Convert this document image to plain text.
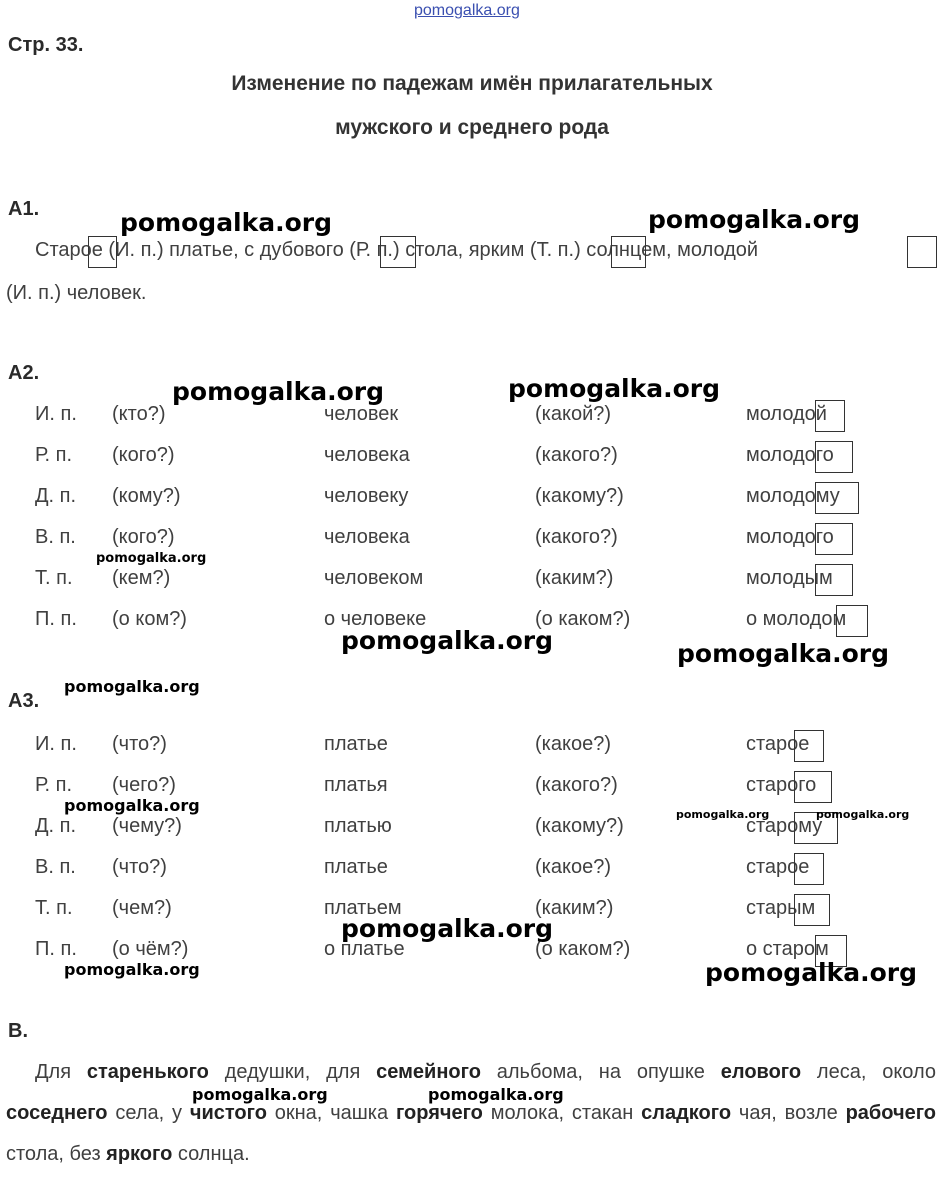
pomogalka.org
Стр. 33.
Изменение по падежам имён прилагательных
мужского и среднего рода
А1.
Старое (И. п.) платье, с дубового (Р. п.) стола, ярким (Т. п.) солнцем, молодой
(И. п.) человек.
А2.
И. п. (кто?)	человек	(какой?)	молодой
Р. п. (кого?)	человека	(какого?)	молодого
Д. п. (кому?)	человеку	(какому?)	молодому
В. п. (кого?)	человека	(какого?)	молодого
Т. п. (кем?)	человеком	(каким?)	молодым
П. п. (о ком?)	о человеке	(о каком?)	о молодом
А3.
И. п. (что?)	платье	(какое?)	старое
Р. п. (чего?)	платья	(какого?)	старого
Д. п. (чему?)	платью	(какому?)	старому
В. п. (что?)	платье	(какое?)	старое
Т. п. (чем?)	платьем	(каким?)	старым
П. п. (о чём?)	о платье	(о каком?)	о старом
В.
Для старенького дедушки, для семейного альбома, на опушке елового леса, около соседнего села, у чистого окна, чашка горячего молока, стакан сладкого чая, возле рабочего стола, без яркого солнца.
pomogalka.org	pomogalka.org
pomogalka.org	pomogalka.org
pomogalka.org
pomogalka.org	pomogalka.org
pomogalka.org
pomogalka.org	pomogalka.org	pomogalka.org
pomogalka.org
pomogalka.org	pomogalka.org
pomogalka.org	pomogalka.org
